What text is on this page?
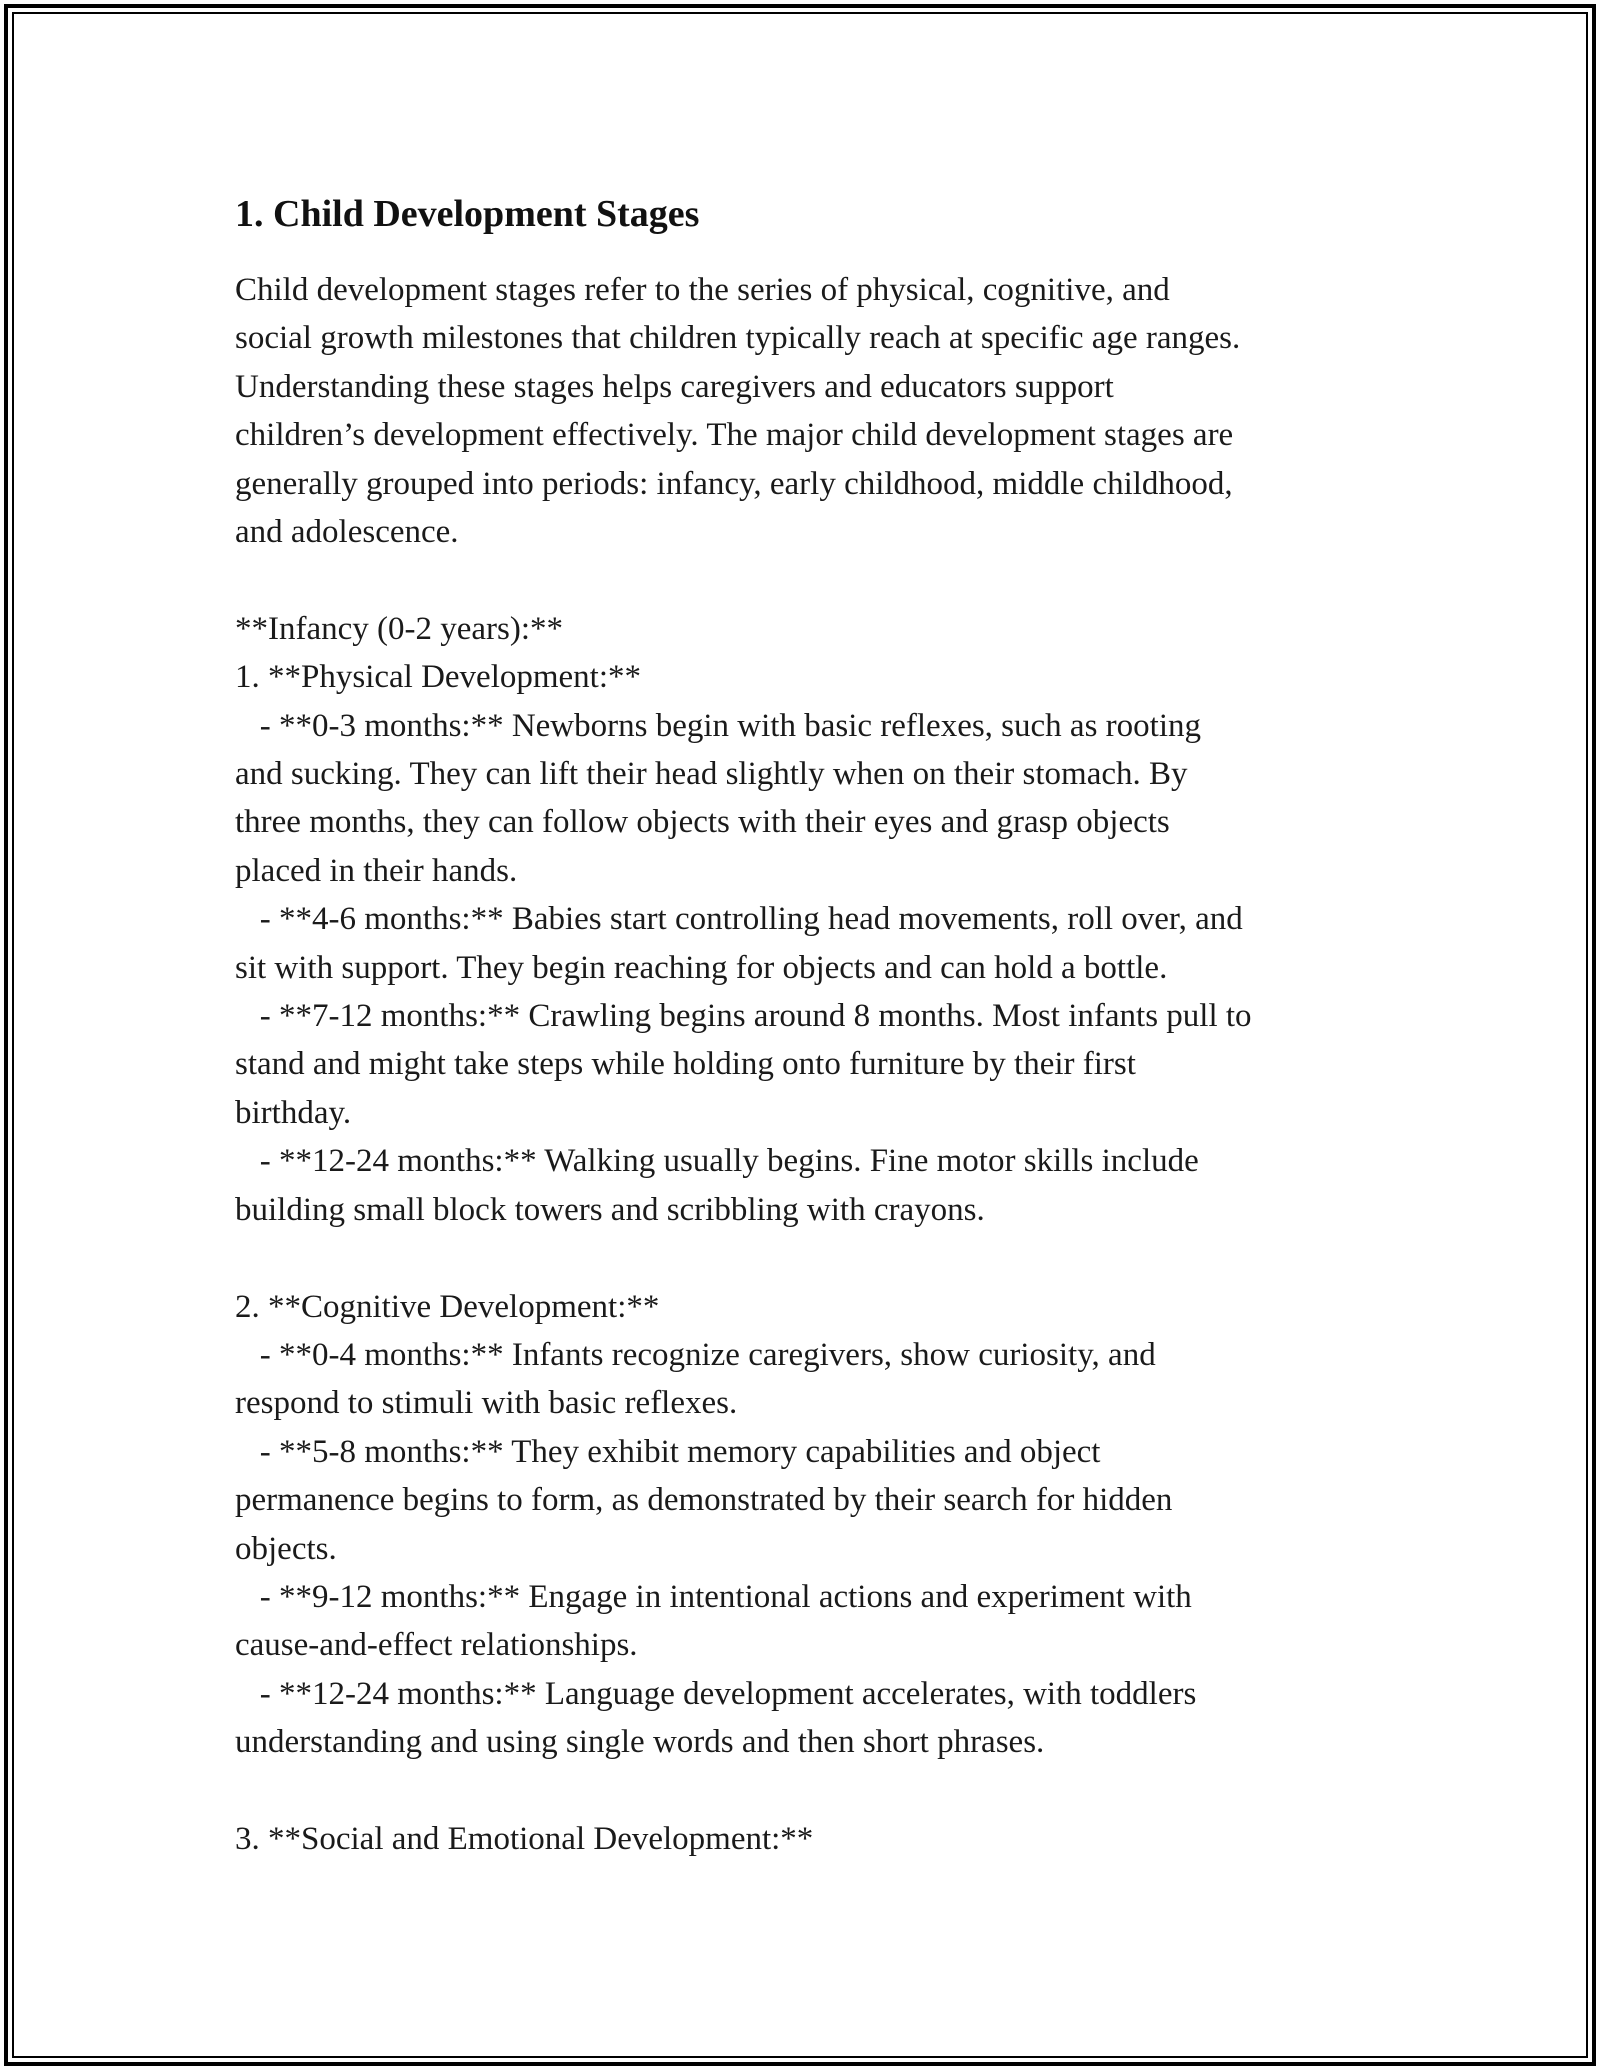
1. Child Development Stages

Child development stages refer to the series of physical, cognitive, and

social growth milestones that children typically reach at specific age ranges.

Understanding these stages helps caregivers and educators support

children’s development effectively. The major child development stages are

generally grouped into periods: infancy, early childhood, middle childhood,

and adolescence.

**Infancy (0-2 years):**

1. **Physical Development:**

- **0-3 months:** Newborns begin with basic reflexes, such as rooting

and sucking. They can lift their head slightly when on their stomach. By

three months, they can follow objects with their eyes and grasp objects

placed in their hands.

- **4-6 months:** Babies start controlling head movements, roll over, and

sit with support. They begin reaching for objects and can hold a bottle.

- **7-12 months:** Crawling begins around 8 months. Most infants pull to

stand and might take steps while holding onto furniture by their first

birthday.

- **12-24 months:** Walking usually begins. Fine motor skills include

building small block towers and scribbling with crayons.

2. **Cognitive Development:**

- **0-4 months:** Infants recognize caregivers, show curiosity, and

respond to stimuli with basic reflexes.

- **5-8 months:** They exhibit memory capabilities and object

permanence begins to form, as demonstrated by their search for hidden

objects.

- **9-12 months:** Engage in intentional actions and experiment with

cause-and-effect relationships.

- **12-24 months:** Language development accelerates, with toddlers

understanding and using single words and then short phrases.

3. **Social and Emotional Development:**
